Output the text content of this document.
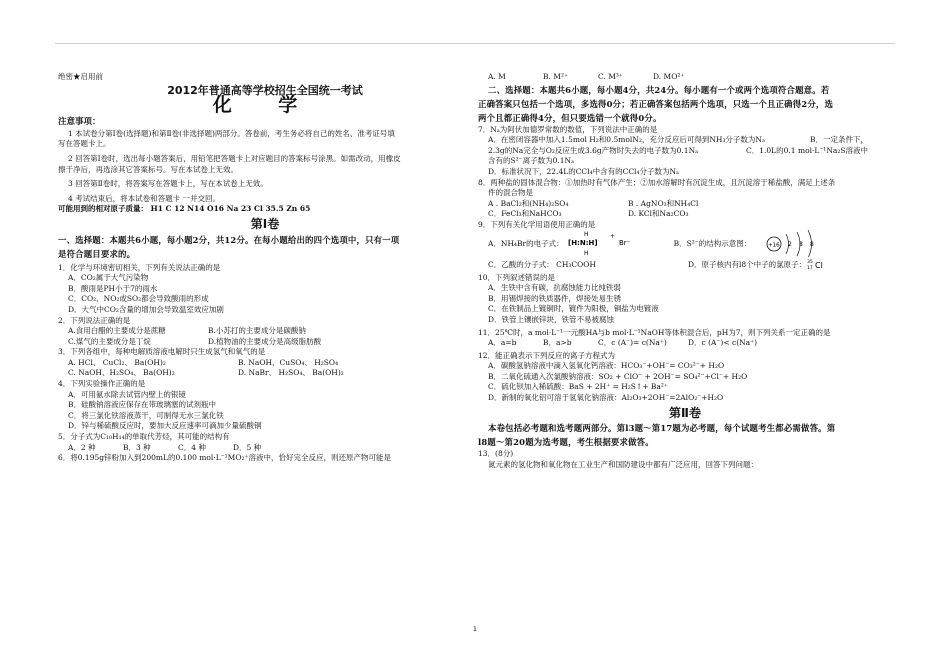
绝密★启用前
2012年普通高等学校招生全国统一考试
化 学
注意事项：
1 本试卷分第Ⅰ卷(选择题)和第Ⅱ卷(非选择题)两部分。答卷前，考生务必将自己的姓名、准考证号填
写在答题卡上。
2 回答第Ⅰ卷时，选出每小题答案后，用铅笔把答题卡上对应题目的答案标号涂黑。如需改动，用橡皮
擦干净后，再选涂其它答案标号。写在本试卷上无效。
3 回答第Ⅱ卷时，将答案写在答题卡上，写在本试卷上无效。
4 考试结束后，将本试卷和答题卡 一并交回。
可能用到的相对原子质量： H1 C 12 N14 O16 Na 23 Cl 35.5 Zn 65
第Ⅰ卷
一、选择题：本题共6小题，每小题2分，共12分。在每小题给出的四个选项中，只有一项
是符合题目要求的。
1．化学与环境密切相关，下列有关说法正确的是
A．CO₂属于大气污染物
B．酸雨是PH小于7的雨水
C．CO₂、NO₂或SO₂都会导致酸雨的形成
D．大气中CO₂含量的增加会导致温室效应加剧
2．下列说法正确的是
A.食用白醋的主要成分是蔗糖	B.小苏打的主要成分是碳酸钠
C.煤气的主要成分是丁烷	D.植物油的主要成分是高级脂肪酸
3．下列各组中，每种电解质溶液电解时只生成氢气和氧气的是
A. HCl、 CuCl₂、 Ba(OH)₂	B. NaOH、CuSO₄、 H₂SO₄
C. NaOH、H₂SO₄、 Ba(OH)₂	D. NaBr、 H₂SO₄、 Ba(OH)₂
4．下列实验操作正确的是
A．可用氨水除去试管内壁上的银镜
B．硅酸钠溶液应保存在带玻璃塞的试剂瓶中
C．将三氯化铁溶液蒸干，可制得无水三氯化铁
D．锌与稀硫酸反应时，要加大反应速率可滴加少量硫酸铜
5．分子式为C₁₀H₁₄的单取代芳烃，其可能的结构有
A．2 种	B．3 种	C．4 种	D．5 种
6．将0.195g锌粉加入到200mL的0.100 mol·L⁻¹MO₂⁺溶液中，恰好完全反应，则还原产物可能是
A. M	B. M²⁺	C. M³⁺	D. MO²⁺
二、选择题：本题共6小题，每小题4分，共24分。每小题有一个或两个选项符合题意。若
正确答案只包括一个选项，多选得0分；若正确答案包括两个选项，只选一个且正确得2分，选
两个且都正确得4分，但只要选错一个就得0分。
7．Nₐ为阿伏加德罗常数的数值，下列说法中正确的是
A．在密闭容器中加入1.5mol H₂和0.5molN₂，充分反应后可得到NH₃分子数为Nₐ	B．一定条件下，
2.3g的Na完全与O₂反应生成3.6g产物时失去的电子数为0.1Nₐ	C．1.0L的0.1 mol·L⁻¹Na₂S溶液中
含有的S²⁻离子数为0.1Nₐ
D．标准状况下，22.4L的CCl₄中含有的CCl₄分子数为Nₐ
8．两种盐的固体混合物：①加热时有气体产生；②加水溶解时有沉淀生成，且沉淀溶于稀盐酸，满足上述条
件的混合物是
A . BaCl₂和(NH₄)₂SO₄	B . AgNO₃和NH₄Cl
C．FeCl₃和NaHCO₃	D. KCl和Na₂CO₃
9．下列有关化学用语使用正确的是
A．NH₄Br的电子式：
H
[H:N:H]
+
H
Br⁻	B．S²⁻的结构示意图：	+16 2 8 8
C．乙酸的分子式： CH₃COOH	D．原子核内有l8个中子的氯原子： 35
17 Cl
10．下列叙述错误的是
A．生铁中含有碳，抗腐蚀能力比纯铁弱
B．用锡焊接的铁质器件，焊接处易生锈
C．在铁制品上镀铜时，镀件为阳极，铜盐为电镀液
D．铁管上镶嵌锌块，铁管不易被腐蚀
11．25℃时，a mol·L⁻¹一元酸HA与b mol·L⁻¹NaOH等体积混合后，pH为7，则下列关系一定正确的是
A．a=b	B．a>b	C．c (A⁻)= c(Na⁺)	D．c (A⁻)< c(Na⁺)
12．能正确表示下列反应的离子方程式为
A．碳酸氢钠溶液中滴入氢氧化钙溶液：HCO₃⁻+OH⁻= CO₃²⁻+ H₂O
B．二氧化硫通入次氯酸钠溶液：SO₂ + ClO⁻ + 2OH⁻= SO₄²⁻+Cl⁻+ H₂O
C．硫化钡加入稀硫酸：BaS + 2H⁺ = H₂S↑+ Ba²⁺
D．新制的氧化铝可溶于氢氧化钠溶液：Al₂O₃+2OH⁻=2AlO₂⁻+H₂O
第Ⅱ卷
本卷包括必考题和选考题两部分。第l3题～第17题为必考题，每个试题考生都必需做答。第
l8题～第20题为选考题，考生根据要求做答。
13．(8分)
氮元素的氢化物和氧化物在工业生产和国防建设中都有广泛应用，回答下列问题：
1
